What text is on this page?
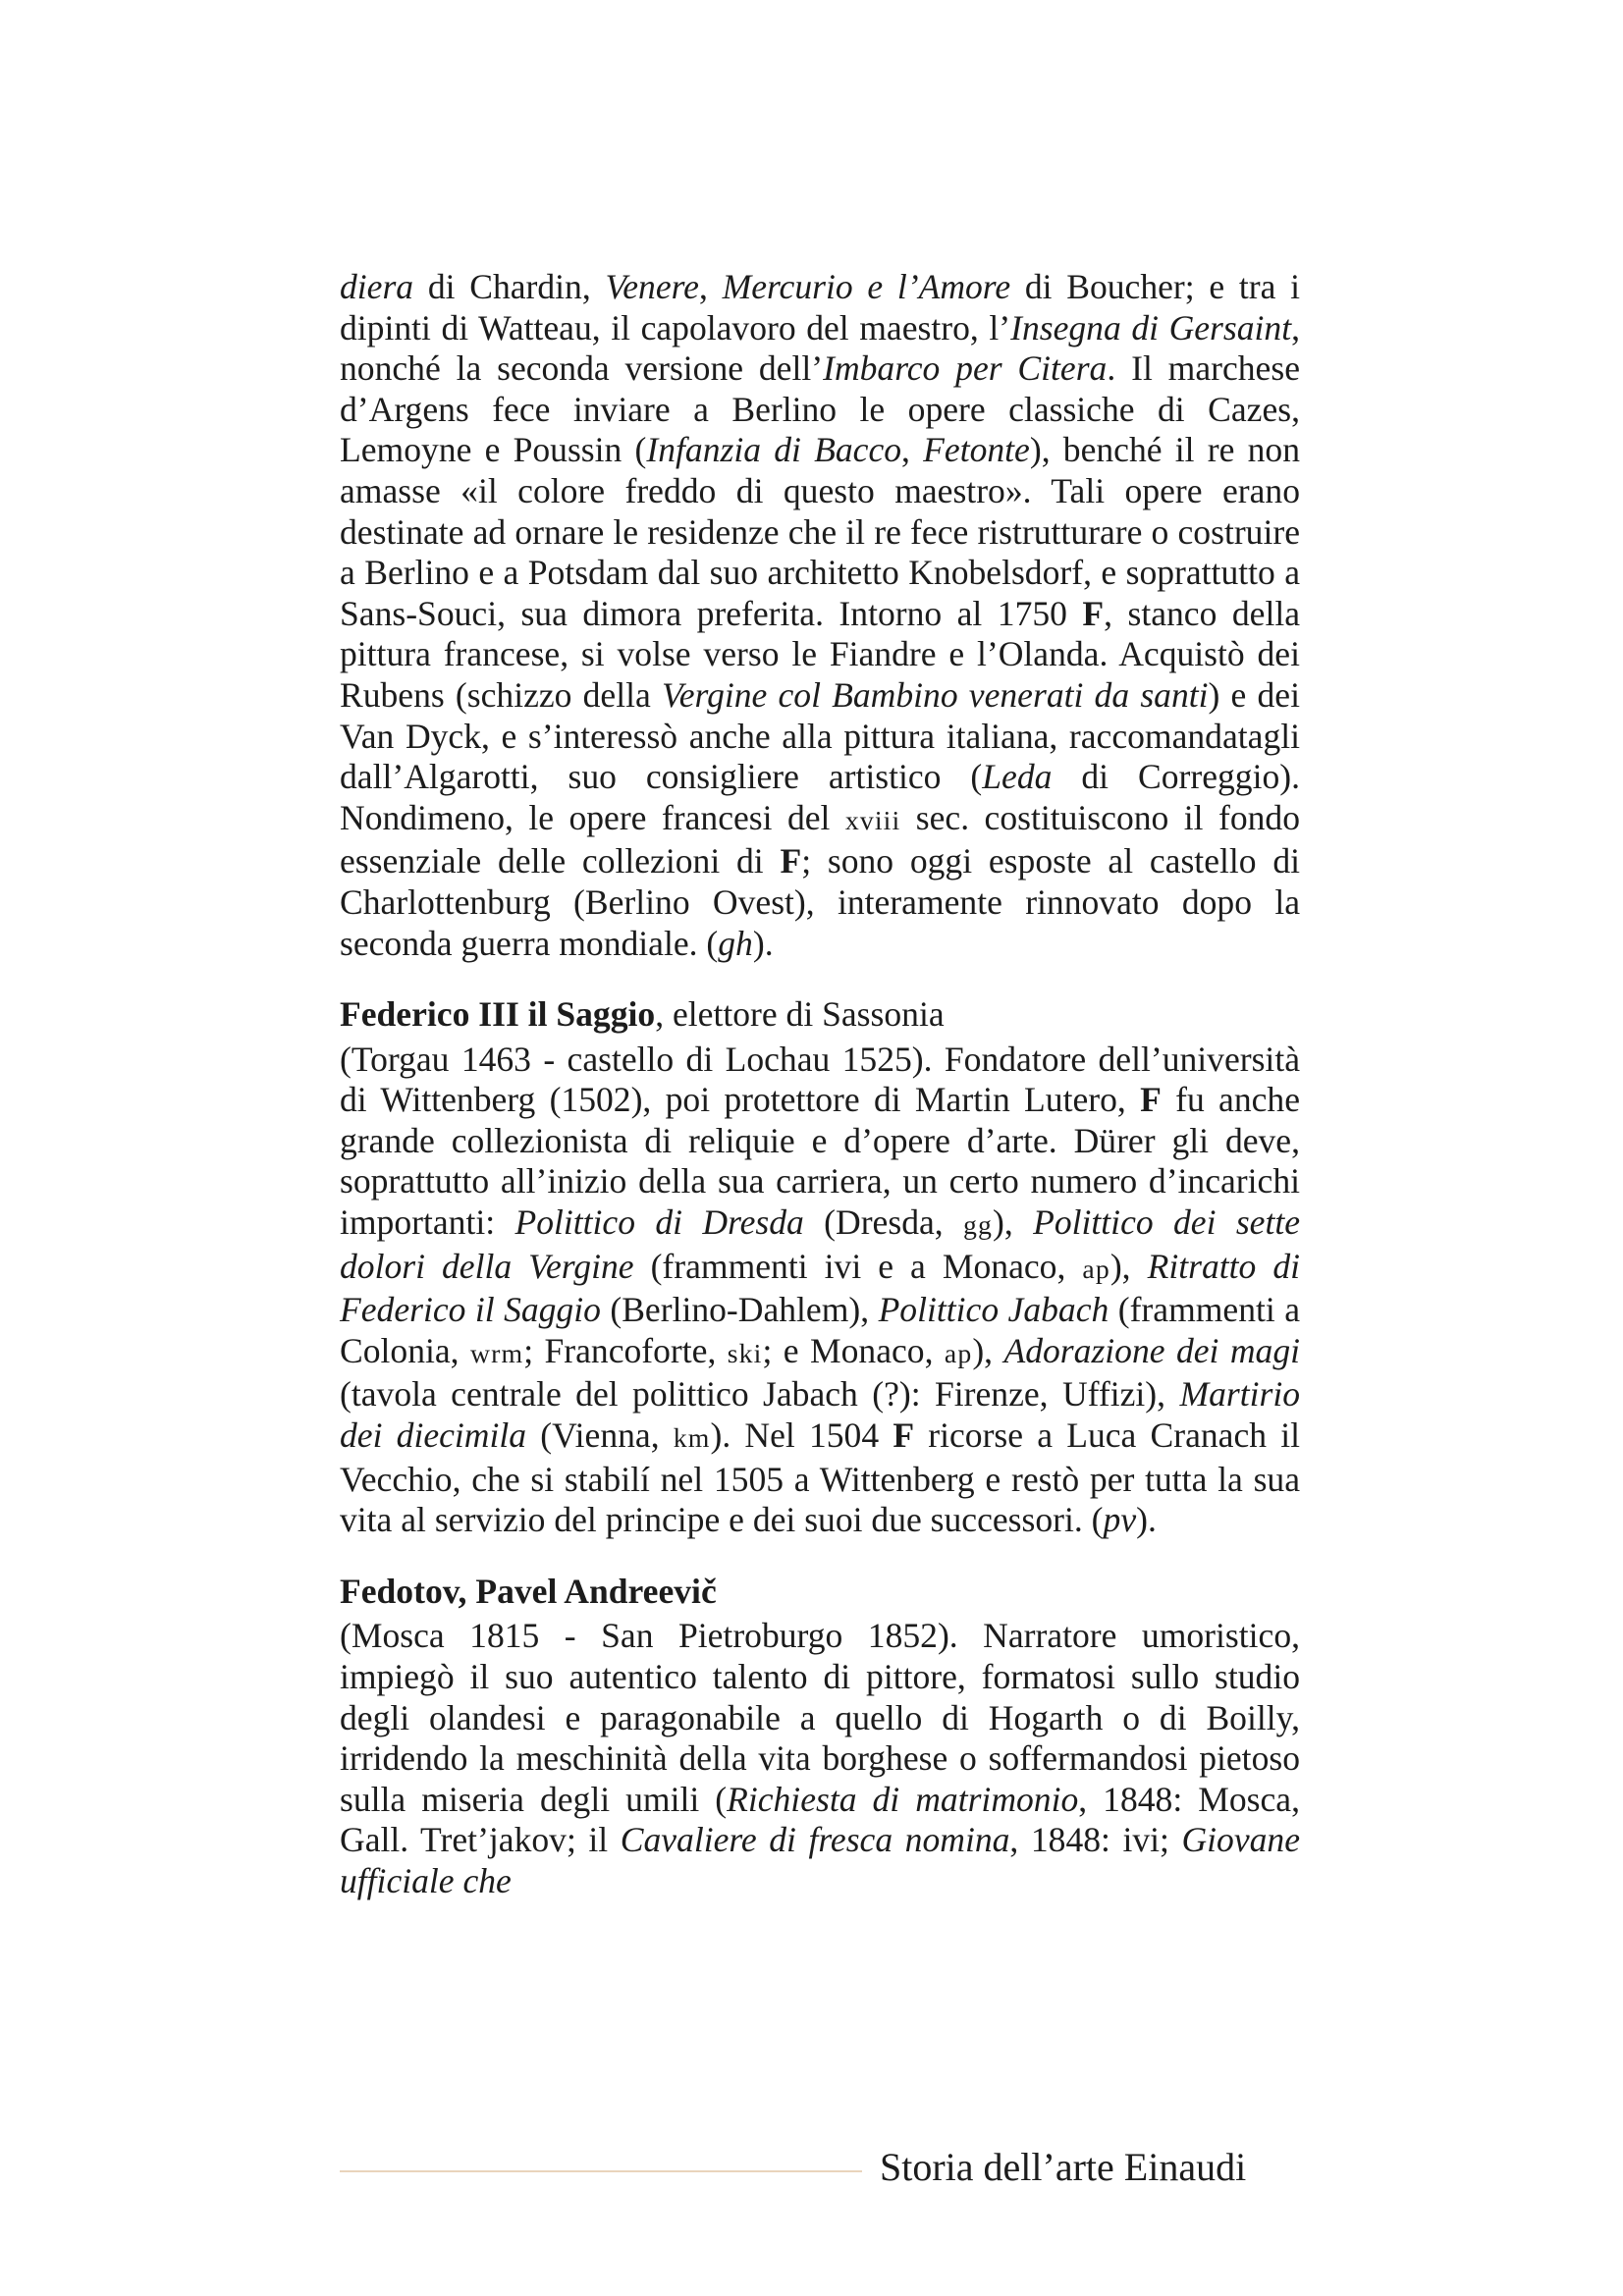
diera di Chardin, Venere, Mercurio e l’Amore di Boucher; e tra i dipinti di Watteau, il capolavoro del maestro, l’Insegna di Gersaint, nonché la seconda versione dell’Imbarco per Citera. Il marchese d’Argens fece inviare a Berlino le opere classiche di Cazes, Lemoyne e Poussin (Infanzia di Bacco, Fetonte), benché il re non amasse «il colore freddo di questo maestro». Tali opere erano destinate ad ornare le residenze che il re fece ristrutturare o costruire a Berlino e a Potsdam dal suo architetto Knobelsdorf, e soprattutto a Sans-Souci, sua dimora preferita. Intorno al 1750 F, stanco della pittura francese, si volse verso le Fiandre e l’Olanda. Acquistò dei Rubens (schizzo della Vergine col Bambino venerati da santi) e dei Van Dyck, e s’interessò anche alla pittura italiana, raccomandatagli dall’Algarotti, suo consigliere artistico (Leda di Correggio). Nondimeno, le opere francesi del xviii sec. costituiscono il fondo essenziale delle collezioni di F; sono oggi esposte al castello di Charlottenburg (Berlino Ovest), interamente rinnovato dopo la seconda guerra mondiale. (gh).

Federico III il Saggio, elettore di Sassonia

(Torgau 1463 - castello di Lochau 1525). Fondatore dell’università di Wittenberg (1502), poi protettore di Martin Lutero, F fu anche grande collezionista di reliquie e d’opere d’arte. Dürer gli deve, soprattutto all’inizio della sua carriera, un certo numero d’incarichi importanti: Polittico di Dresda (Dresda, gg), Polittico dei sette dolori della Vergine (frammenti ivi e a Monaco, ap), Ritratto di Federico il Saggio (Berlino-Dahlem), Polittico Jabach (frammenti a Colonia, wrm; Francoforte, ski; e Monaco, ap), Adorazione dei magi (tavola centrale del polittico Jabach (?): Firenze, Uffizi), Martirio dei diecimila (Vienna, km). Nel 1504 F ricorse a Luca Cranach il Vecchio, che si stabilí nel 1505 a Wittenberg e restò per tutta la sua vita al servizio del principe e dei suoi due successori. (pv).

Fedotov, Pavel Andreevič

(Mosca 1815 - San Pietroburgo 1852). Narratore umoristico, impiegò il suo autentico talento di pittore, formatosi sullo studio degli olandesi e paragonabile a quello di Hogarth o di Boilly, irridendo la meschinità della vita borghese o soffermandosi pietoso sulla miseria degli umili (Richiesta di matrimonio, 1848: Mosca, Gall. Tret’jakov; il Cavaliere di fresca nomina, 1848: ivi; Giovane ufficiale che

Storia dell’arte Einaudi
